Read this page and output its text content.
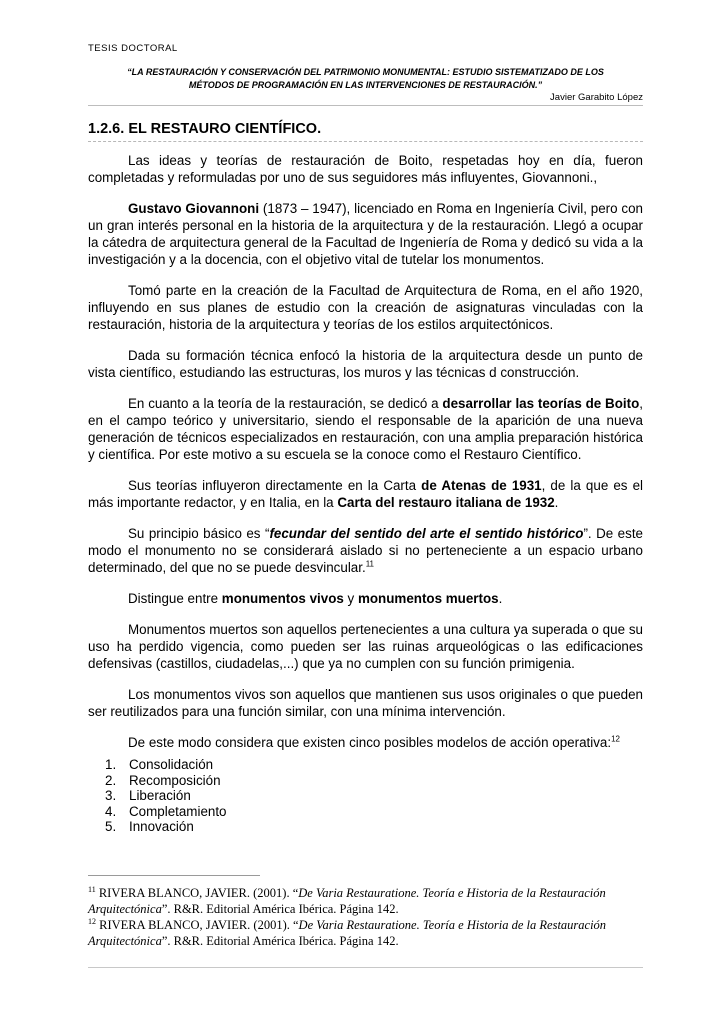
TESIS DOCTORAL
“LA RESTAURACIÓN Y CONSERVACIÓN DEL PATRIMONIO MONUMENTAL: ESTUDIO SISTEMATIZADO DE LOS
MÉTODOS DE PROGRAMACIÓN EN LAS INTERVENCIONES DE RESTAURACIÓN.”
Javier Garabito López
1.2.6. EL RESTAURO CIENTÍFICO.

Las ideas y teorías de restauración de Boito, respetadas hoy en día, fueron completadas y reformuladas por uno de sus seguidores más influyentes, Giovannoni.,

Gustavo Giovannoni (1873 – 1947), licenciado en Roma en Ingeniería Civil, pero con un gran interés personal en la historia de la arquitectura y de la restauración. Llegó a ocupar la cátedra de arquitectura general de la Facultad de Ingeniería de Roma y dedicó su vida a la investigación y a la docencia, con el objetivo vital de tutelar los monumentos.

Tomó parte en la creación de la Facultad de Arquitectura de Roma, en el año 1920, influyendo en sus planes de estudio con la creación de asignaturas vinculadas con la restauración, historia de la arquitectura y teorías de los estilos arquitectónicos.

Dada su formación técnica enfocó la historia de la arquitectura desde un punto de vista científico, estudiando las estructuras, los muros y las técnicas d construcción.

En cuanto a la teoría de la restauración, se dedicó a desarrollar las teorías de Boito, en el campo teórico y universitario, siendo el responsable de la aparición de una nueva generación de técnicos especializados en restauración, con una amplia preparación histórica y científica. Por este motivo a su escuela se la conoce como el Restauro Científico.

Sus teorías influyeron directamente en la Carta de Atenas de 1931, de la que es el más importante redactor, y en Italia, en la Carta del restauro italiana de 1932.

Su principio básico es “fecundar del sentido del arte el sentido histórico”. De este modo el monumento no se considerará aislado si no perteneciente a un espacio urbano determinado, del que no se puede desvincular.$^{11}$

Distingue entre monumentos vivos y monumentos muertos.

Monumentos muertos son aquellos pertenecientes a una cultura ya superada o que su uso ha perdido vigencia, como pueden ser las ruinas arqueológicas o las edificaciones defensivas (castillos, ciudadelas,...) que ya no cumplen con su función primigenia.

Los monumentos vivos son aquellos que mantienen sus usos originales o que pueden ser reutilizados para una función similar, con una mínima intervención.

De este modo considera que existen cinco posibles modelos de acción operativa:$^{12}$

1. Consolidación
2. Recomposición
3. Liberación
4. Completamiento
5. Innovación
$^{11}$ RIVERA BLANCO, JAVIER. (2001). “De Varia Restauratione. Teoría e Historia de la Restauración Arquitectónica”. R&R. Editorial América Ibérica. Página 142.
$^{12}$ RIVERA BLANCO, JAVIER. (2001). “De Varia Restauratione. Teoría e Historia de la Restauración Arquitectónica”. R&R. Editorial América Ibérica. Página 142.
